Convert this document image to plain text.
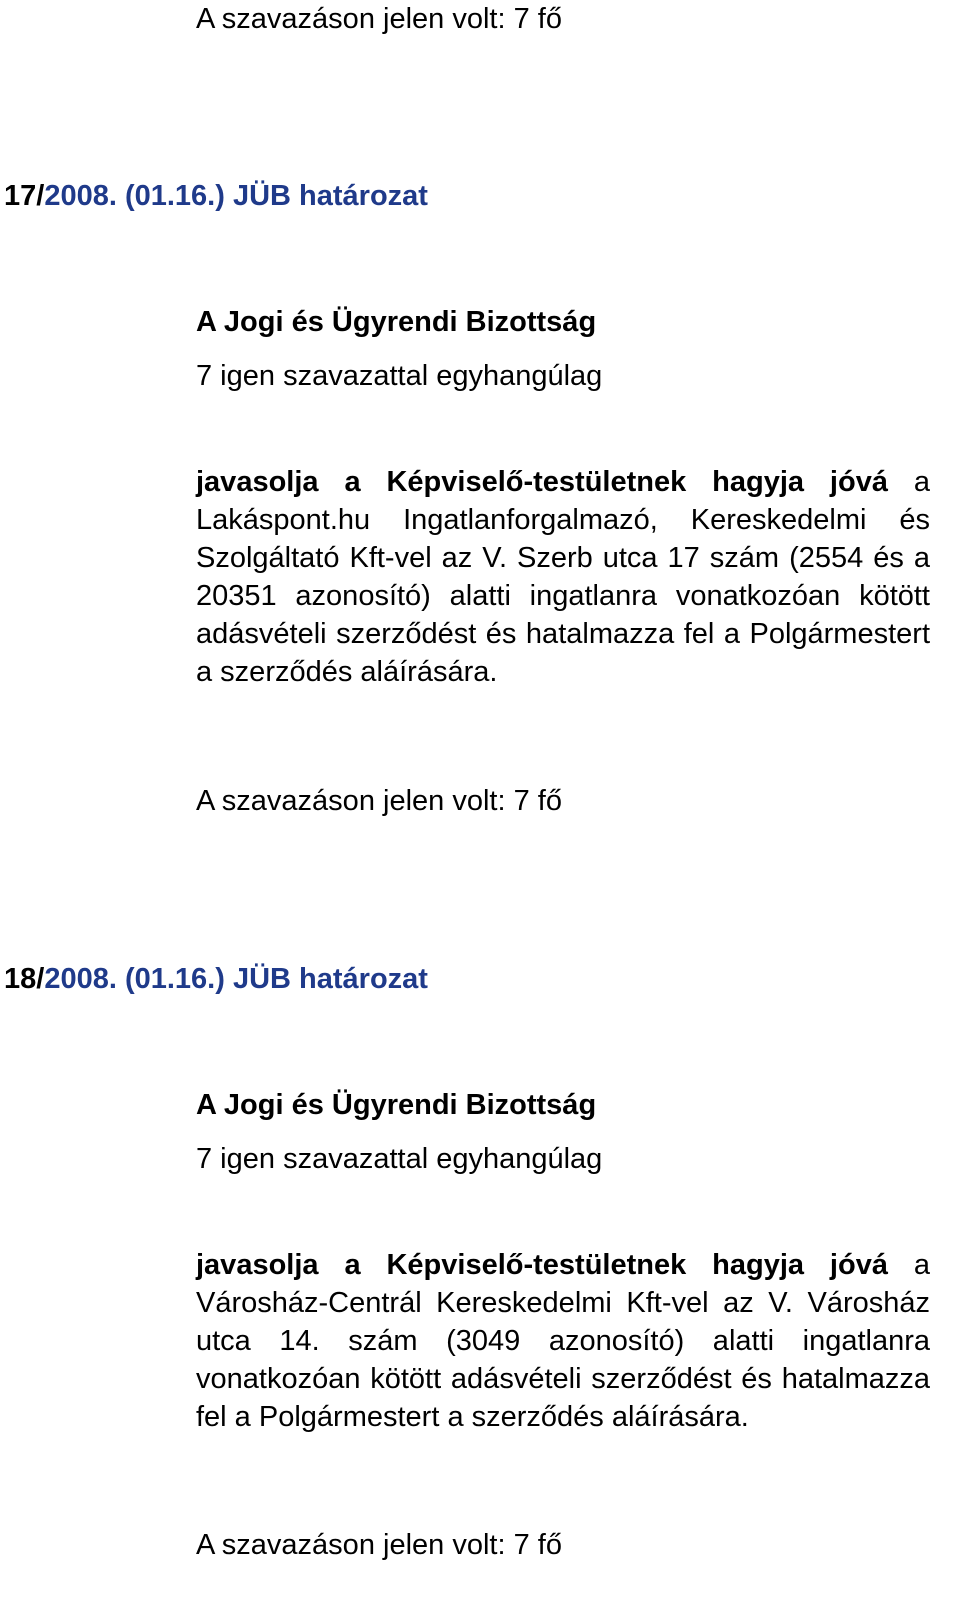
A szavazáson jelen volt: 7 fő
17/2008. (01.16.) JÜB határozat
A Jogi és Ügyrendi Bizottság
7 igen szavazattal egyhangúlag
javasolja a Képviselő-testületnek hagyja jóvá a Lakáspont.hu Ingatlanforgalmazó, Kereskedelmi és Szolgáltató Kft-vel az V. Szerb utca 17 szám (2554 és a 20351 azonosító) alatti ingatlanra vonatkozóan kötött adásvételi szerződést és hatalmazza fel a Polgármestert a szerződés aláírására.
A szavazáson jelen volt: 7 fő
18/2008. (01.16.) JÜB határozat
A Jogi és Ügyrendi Bizottság
7 igen szavazattal egyhangúlag
javasolja a Képviselő-testületnek hagyja jóvá a Városház-Centrál Kereskedelmi Kft-vel az V. Városház utca 14. szám (3049 azonosító) alatti ingatlanra vonatkozóan kötött adásvételi szerződést és hatalmazza fel a Polgármestert a szerződés aláírására.
A szavazáson jelen volt: 7 fő
